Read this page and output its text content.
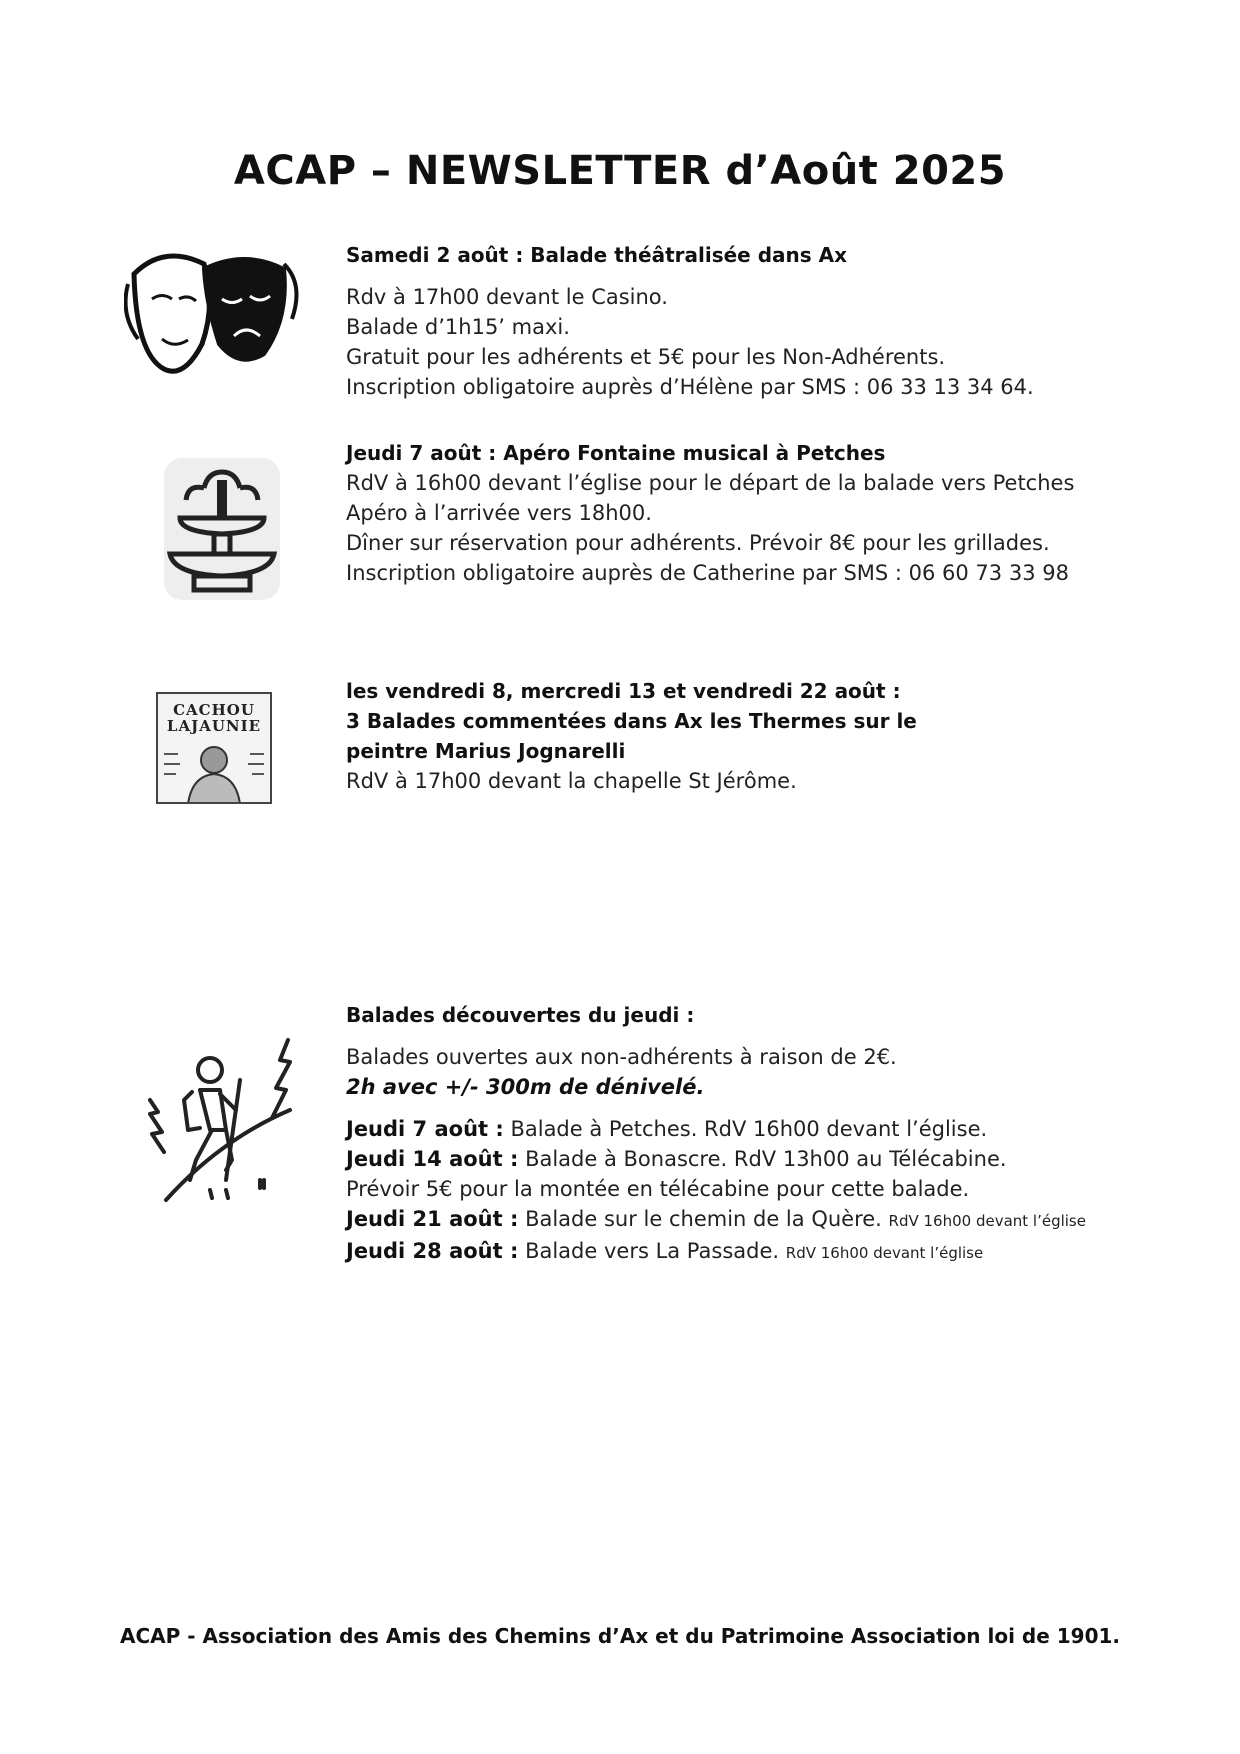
ACAP – NEWSLETTER d’Août 2025
Samedi 2 août : Balade théâtralisée dans Ax
Rdv à 17h00 devant le Casino.
Balade d’1h15’ maxi.
Gratuit pour les adhérents et 5€ pour les Non-Adhérents.
Inscription obligatoire auprès d’Hélène par SMS : 06 33 13 34 64.
Jeudi 7 août : Apéro Fontaine musical à Petches
RdV à 16h00 devant l’église pour le départ de la balade vers Petches
Apéro à l’arrivée vers 18h00.
Dîner sur réservation pour adhérents. Prévoir 8€ pour les grillades.
Inscription obligatoire auprès de Catherine par SMS : 06 60 73 33 98
CACHOU LAJAUNIE
les vendredi 8, mercredi 13 et vendredi 22 août :
3 Balades commentées dans Ax les Thermes sur le
peintre Marius Jognarelli
RdV à 17h00 devant la chapelle St Jérôme.
Balades découvertes du jeudi :
Balades ouvertes aux non-adhérents à raison de 2€.
2h avec +/- 300m de dénivelé.
Jeudi 7 août : Balade à Petches. RdV 16h00 devant l’église.
Jeudi 14 août : Balade à Bonascre. RdV 13h00 au Télécabine.
Prévoir 5€ pour la montée en télécabine pour cette balade.
Jeudi 21 août : Balade sur le chemin de la Quère. RdV 16h00 devant l’église
Jeudi 28 août : Balade vers La Passade. RdV 16h00 devant l’église
ACAP - Association des Amis des Chemins d’Ax et du Patrimoine Association loi de 1901.
